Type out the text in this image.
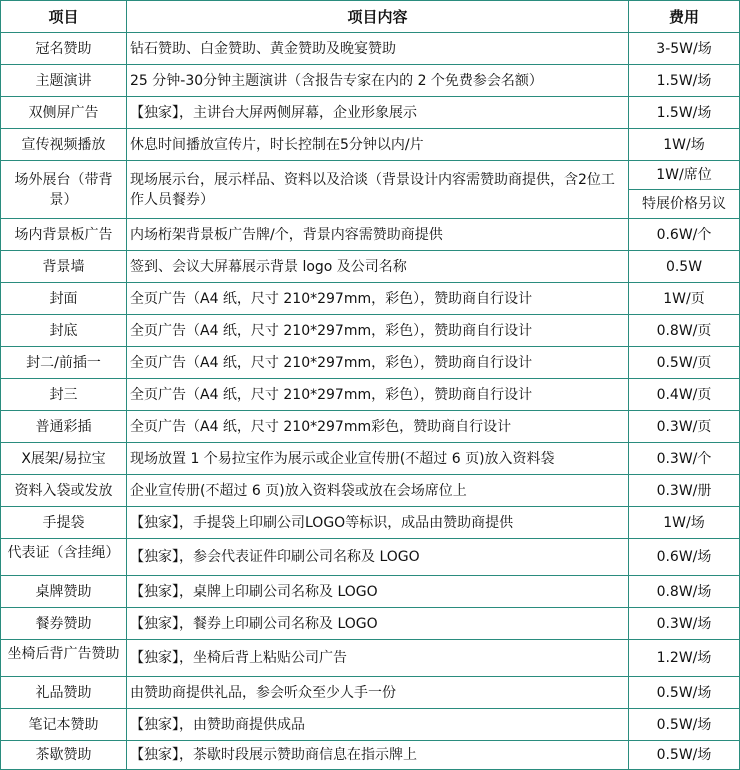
项目	项目内容	费用
冠名赞助	钻石赞助、白金赞助、黄金赞助及晚宴赞助	3-5W/场
主题演讲	25 分钟-30分钟主题演讲（含报告专家在内的 2 个免费参会名额）	1.5W/场
双侧屏广告	【独家】，主讲台大屏两侧屏幕，企业形象展示	1.5W/场
宣传视频播放	休息时间播放宣传片，时长控制在5分钟以内/片	1W/场
场外展台（带背景）	现场展示台，展示样品、资料以及洽谈（背景设计内容需赞助商提供，含2位工作人员餐券）	1W/席位
		特展价格另议
场内背景板广告	内场桁架背景板广告牌/个，背景内容需赞助商提供	0.6W/个
背景墙	签到、会议大屏幕展示背景 logo 及公司名称	0.5W
封面	全页广告（A4 纸，尺寸 210*297mm，彩色），赞助商自行设计	1W/页
封底	全页广告（A4 纸，尺寸 210*297mm，彩色），赞助商自行设计	0.8W/页
封二/前插一	全页广告（A4 纸，尺寸 210*297mm，彩色），赞助商自行设计	0.5W/页
封三	全页广告（A4 纸，尺寸 210*297mm，彩色），赞助商自行设计	0.4W/页
普通彩插	全页广告（A4 纸，尺寸 210*297mm彩色，赞助商自行设计	0.3W/页
X展架/易拉宝	现场放置 1 个易拉宝作为展示或企业宣传册(不超过 6 页)放入资料袋	0.3W/个
资料入袋或发放	企业宣传册(不超过 6 页)放入资料袋或放在会场席位上	0.3W/册
手提袋	【独家】，手提袋上印刷公司LOGO等标识，成品由赞助商提供	1W/场
代表证（含挂绳）	【独家】，参会代表证件印刷公司名称及 LOGO	0.6W/场
桌牌赞助	【独家】，桌牌上印刷公司名称及 LOGO	0.8W/场
餐券赞助	【独家】，餐券上印刷公司名称及 LOGO	0.3W/场
坐椅后背广告赞助	【独家】，坐椅后背上粘贴公司广告	1.2W/场
礼品赞助	由赞助商提供礼品，参会听众至少人手一份	0.5W/场
笔记本赞助	【独家】，由赞助商提供成品	0.5W/场
茶歇赞助	【独家】，茶歇时段展示赞助商信息在指示牌上	0.5W/场
